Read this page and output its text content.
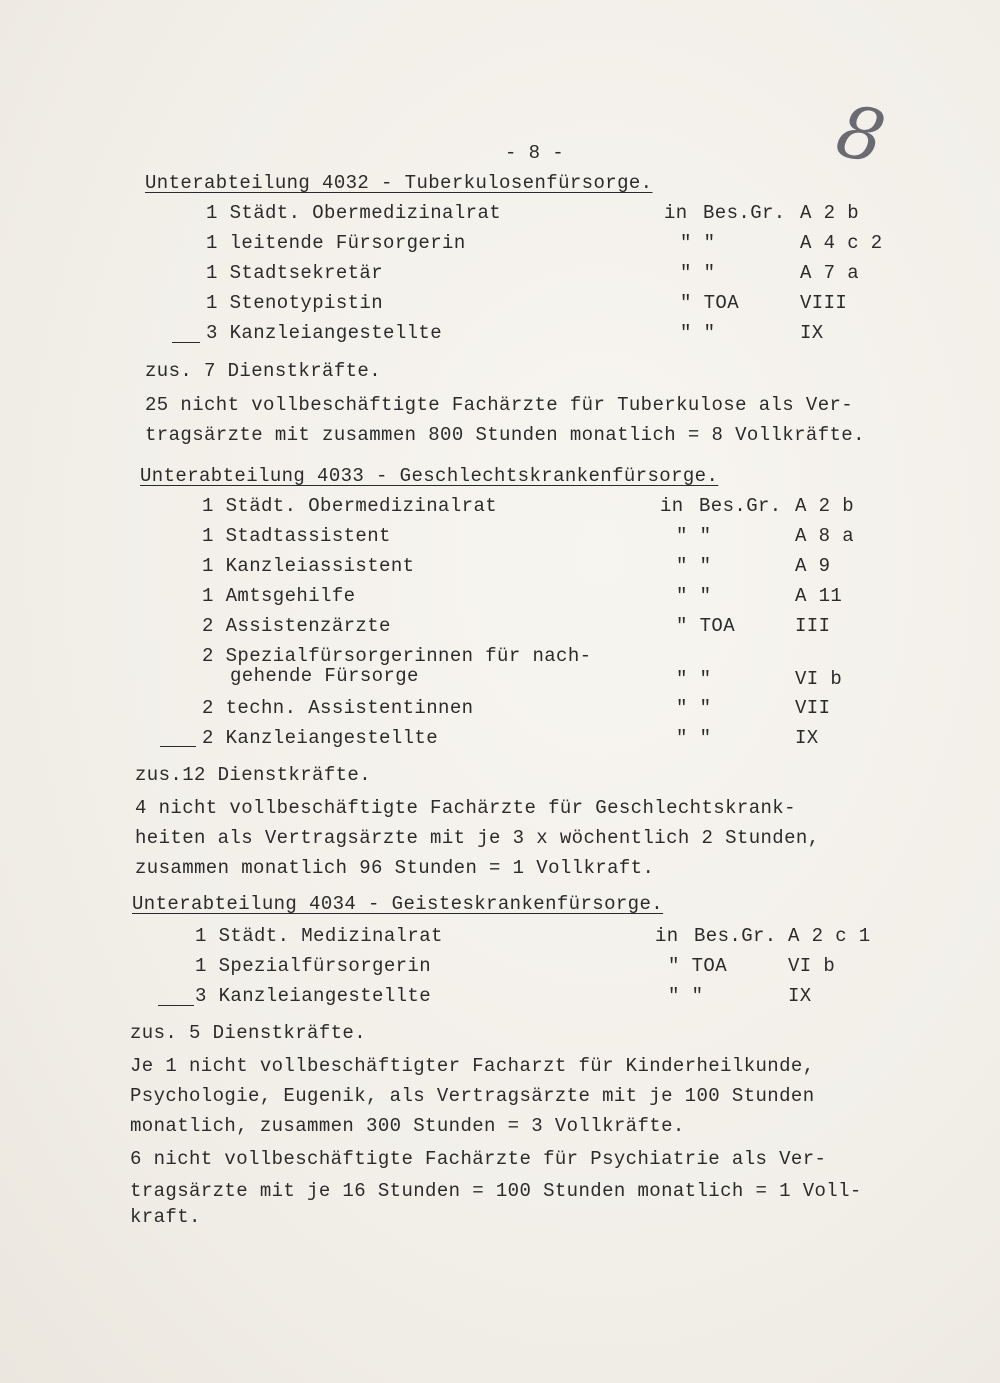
8
- 8 -
Unterabteilung 4032 - Tuberkulosenfürsorge.
1 Städt. Obermedizinalrat	in Bes.Gr. A 2 b
1 leitende Fürsorgerin	" "	A 4 c 2
1 Stadtsekretär	" "	A 7 a
1 Stenotypistin	" TOA	VIII
3 Kanzleiangestellte	" "	IX
zus. 7 Dienstkräfte.
25 nicht vollbeschäftigte Fachärzte für Tuberkulose als Ver-
tragsärzte mit zusammen 800 Stunden monatlich = 8 Vollkräfte.
Unterabteilung 4033 - Geschlechtskrankenfürsorge.
1 Städt. Obermedizinalrat	in Bes.Gr. A 2 b
1 Stadtassistent	" "	A 8 a
1 Kanzleiassistent	" "	A 9
1 Amtsgehilfe	" "	A 11
2 Assistenzärzte	" TOA	III
2 Spezialfürsorgerinnen für nach-
gehende Fürsorge	" "	VI b
2 techn. Assistentinnen	" "	VII
2 Kanzleiangestellte	" "	IX
zus.12 Dienstkräfte.
4 nicht vollbeschäftigte Fachärzte für Geschlechtskrank-
heiten als Vertragsärzte mit je 3 x wöchentlich 2 Stunden,
zusammen monatlich 96 Stunden = 1 Vollkraft.
Unterabteilung 4034 - Geisteskrankenfürsorge.
1 Städt. Medizinalrat	in Bes.Gr. A 2 c 1
1 Spezialfürsorgerin	" TOA	VI b
3 Kanzleiangestellte	" "	IX
zus. 5 Dienstkräfte.
Je 1 nicht vollbeschäftigter Facharzt für Kinderheilkunde,
Psychologie, Eugenik, als Vertragsärzte mit je 100 Stunden
monatlich, zusammen 300 Stunden = 3 Vollkräfte.
6 nicht vollbeschäftigte Fachärzte für Psychiatrie als Ver-
tragsärzte mit je 16 Stunden = 100 Stunden monatlich = 1 Voll-
kraft.
